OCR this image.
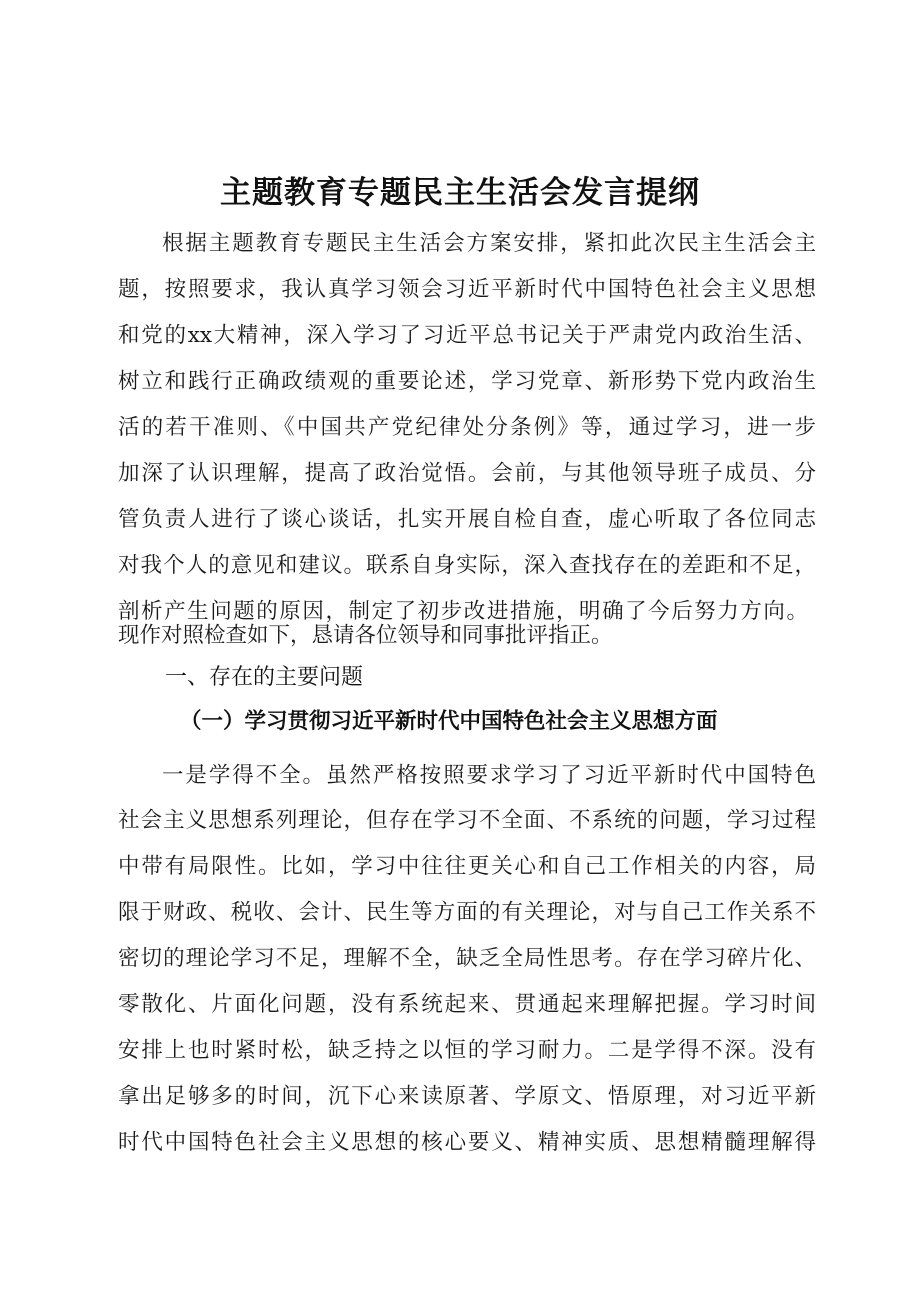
主题教育专题民主生活会发言提纲
根据主题教育专题民主生活会方案安排，紧扣此次民主生活会主
题，按照要求，我认真学习领会习近平新时代中国特色社会主义思想
和党的xx大精神，深入学习了习近平总书记关于严肃党内政治生活、
树立和践行正确政绩观的重要论述，学习党章、新形势下党内政治生
活的若干准则、《中国共产党纪律处分条例》等，通过学习，进一步
加深了认识理解，提高了政治觉悟。会前，与其他领导班子成员、分
管负责人进行了谈心谈话，扎实开展自检自查，虚心听取了各位同志
对我个人的意见和建议。联系自身实际，深入查找存在的差距和不足，
剖析产生问题的原因，制定了初步改进措施，明确了今后努力方向。
现作对照检查如下，恳请各位领导和同事批评指正。
一、存在的主要问题
（一）学习贯彻习近平新时代中国特色社会主义思想方面
一是学得不全。虽然严格按照要求学习了习近平新时代中国特色
社会主义思想系列理论，但存在学习不全面、不系统的问题，学习过程
中带有局限性。比如，学习中往往更关心和自己工作相关的内容，局
限于财政、税收、会计、民生等方面的有关理论，对与自己工作关系不
密切的理论学习不足，理解不全，缺乏全局性思考。存在学习碎片化、
零散化、片面化问题，没有系统起来、贯通起来理解把握。学习时间
安排上也时紧时松，缺乏持之以恒的学习耐力。二是学得不深。没有
拿出足够多的时间，沉下心来读原著、学原文、悟原理，对习近平新
时代中国特色社会主义思想的核心要义、精神实质、思想精髓理解得
